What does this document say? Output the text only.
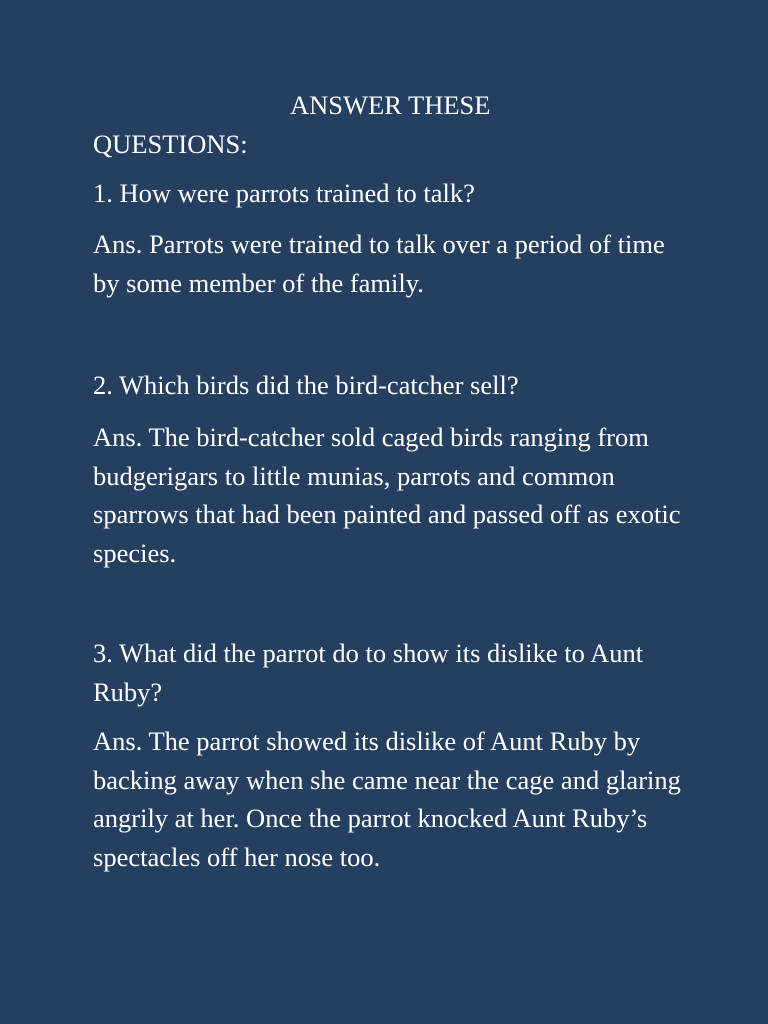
ANSWER THESE
QUESTIONS:

1. How were parrots trained to talk?

Ans. Parrots were trained to talk over a period of time by some member of the family.

2. Which birds did the bird-catcher sell?

Ans. The bird-catcher sold caged birds ranging from budgerigars to little munias, parrots and common sparrows that had been painted and passed off as exotic species.

3. What did the parrot do to show its dislike to Aunt Ruby?

Ans. The parrot showed its dislike of Aunt Ruby by backing away when she came near the cage and glaring angrily at her. Once the parrot knocked Aunt Ruby’s spectacles off her nose too.
